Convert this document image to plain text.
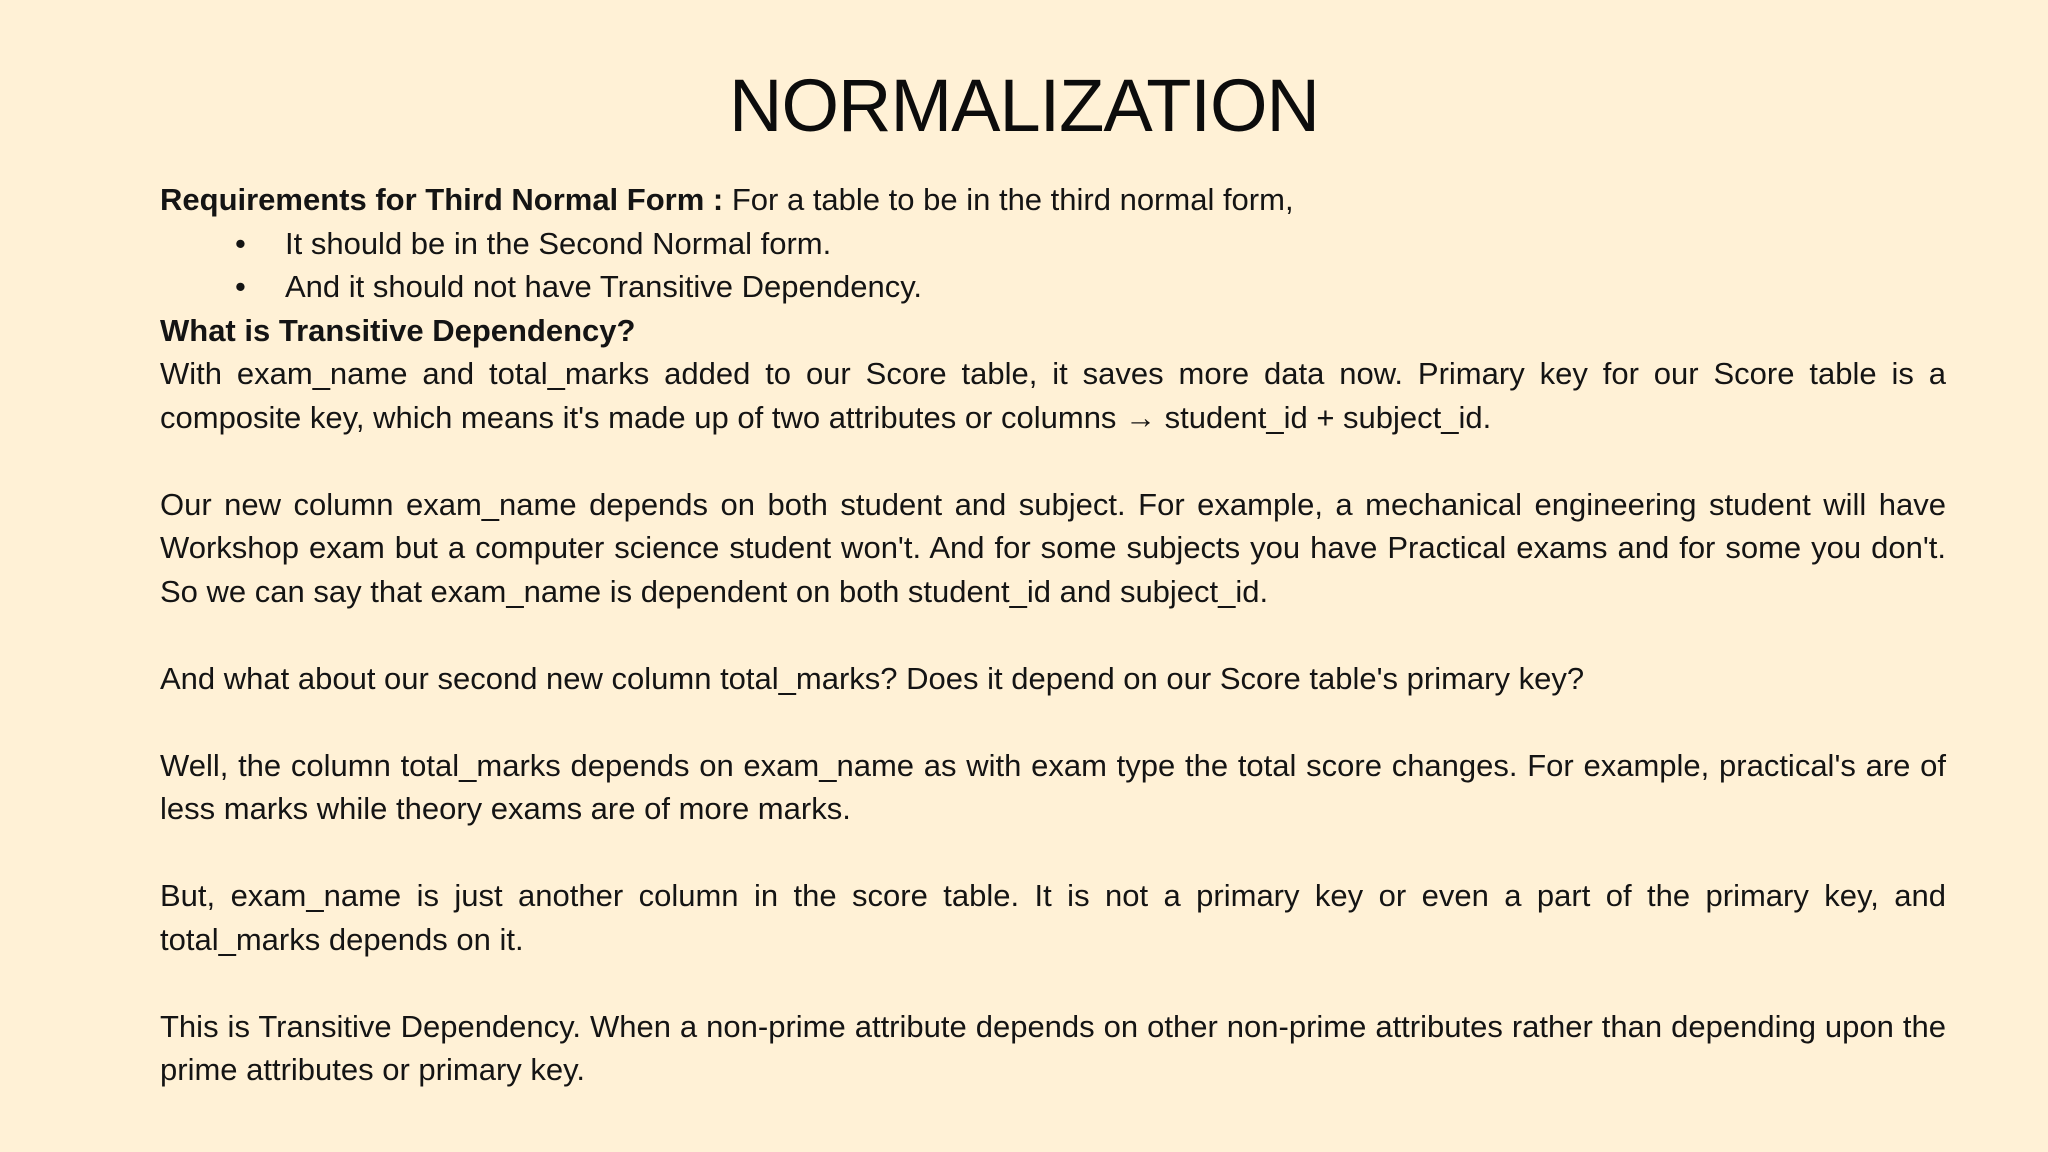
NORMALIZATION

Requirements for Third Normal Form : For a table to be in the third normal form,

• It should be in the Second Normal form.
• And it should not have Transitive Dependency.

What is Transitive Dependency?

With exam_name and total_marks added to our Score table, it saves more data now. Primary key for our Score table is a composite key, which means it's made up of two attributes or columns → student_id + subject_id.

Our new column exam_name depends on both student and subject. For example, a mechanical engineering student will have Workshop exam but a computer science student won't. And for some subjects you have Practical exams and for some you don't. So we can say that exam_name is dependent on both student_id and subject_id.

And what about our second new column total_marks? Does it depend on our Score table's primary key?

Well, the column total_marks depends on exam_name as with exam type the total score changes. For example, practical's are of less marks while theory exams are of more marks.

But, exam_name is just another column in the score table. It is not a primary key or even a part of the primary key, and total_marks depends on it.

This is Transitive Dependency. When a non-prime attribute depends on other non-prime attributes rather than depending upon the prime attributes or primary key.
